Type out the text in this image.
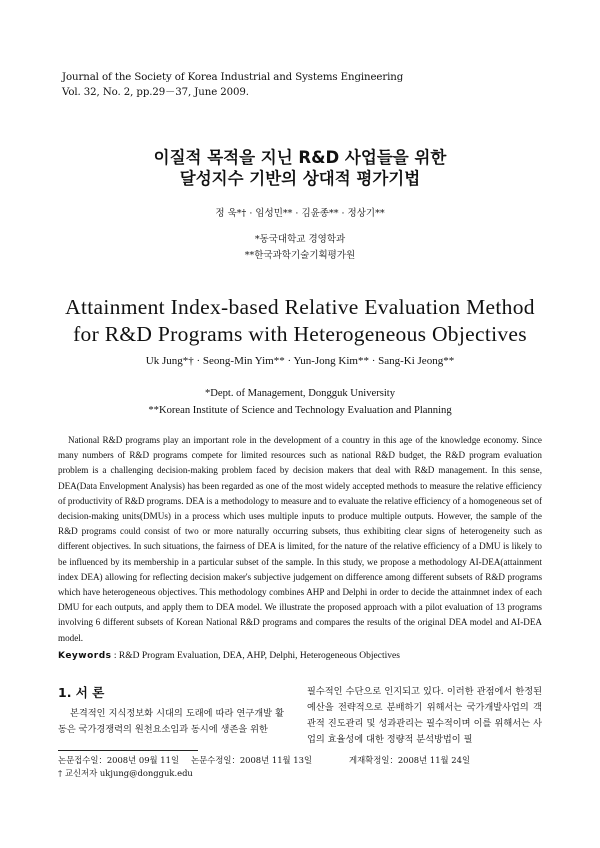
Journal of the Society of Korea Industrial and Systems Engineering
Vol. 32, No. 2, pp.29－37, June 2009.
이질적 목적을 지닌 R&D 사업들을 위한
달성지수 기반의 상대적 평가기법
정 욱*† · 임성민** · 김윤종** · 정상기**
*동국대학교 경영학과
**한국과학기술기획평가원
Attainment Index-based Relative Evaluation Method
for R&D Programs with Heterogeneous Objectives
Uk Jung*† · Seong-Min Yim** · Yun-Jong Kim** · Sang-Ki Jeong**
*Dept. of Management, Dongguk University
**Korean Institute of Science and Technology Evaluation and Planning

National R&D programs play an important role in the development of a country in this age of the knowledge economy. Since many numbers of R&D programs compete for limited resources such as national R&D budget, the R&D program evaluation problem is a challenging decision-making problem faced by decision makers that deal with R&D management. In this sense, DEA(Data Envelopment Analysis) has been regarded as one of the most widely accepted methods to measure the relative efficiency of productivity of R&D programs. DEA is a methodology to measure and to evaluate the relative efficiency of a homogeneous set of decision-making units(DMUs) in a process which uses multiple inputs to produce multiple outputs. However, the sample of the R&D programs could consist of two or more naturally occurring subsets, thus exhibiting clear signs of heterogeneity such as different objectives. In such situations, the fairness of DEA is limited, for the nature of the relative efficiency of a DMU is likely to be influenced by its membership in a particular subset of the sample. In this study, we propose a methodology AI-DEA(attainment index DEA) allowing for reflecting decision maker's subjective judgement on difference among different subsets of R&D programs which have heterogeneous objectives. This methodology combines AHP and Delphi in order to decide the attainmnet index of each DMU for each outputs, and apply them to DEA model. We illustrate the proposed approach with a pilot evaluation of 13 programs involving 6 different subsets of Korean National R&D programs and compares the results of the original DEA model and AI-DEA model.

Keywords : R&D Program Evaluation, DEA, AHP, Delphi, Heterogeneous Objectives
1. 서 론

본격적인 지식정보화 시대의 도래에 따라 연구개발 활동은 국가경쟁력의 원천요소임과 동시에 생존을 위한

필수적인 수단으로 인지되고 있다. 이러한 관점에서 한정된 예산을 전략적으로 분배하기 위해서는 국가개발사업의 객관적 진도관리 및 성과관리는 필수적이며 이를 위해서는 사업의 효율성에 대한 정량적 분석방법이 필

논문접수일：2008년 09월 11일 논문수정일：2008년 11월 13일	게재확정일：2008년 11월 24일
† 교신저자 ukjung@dongguk.edu
